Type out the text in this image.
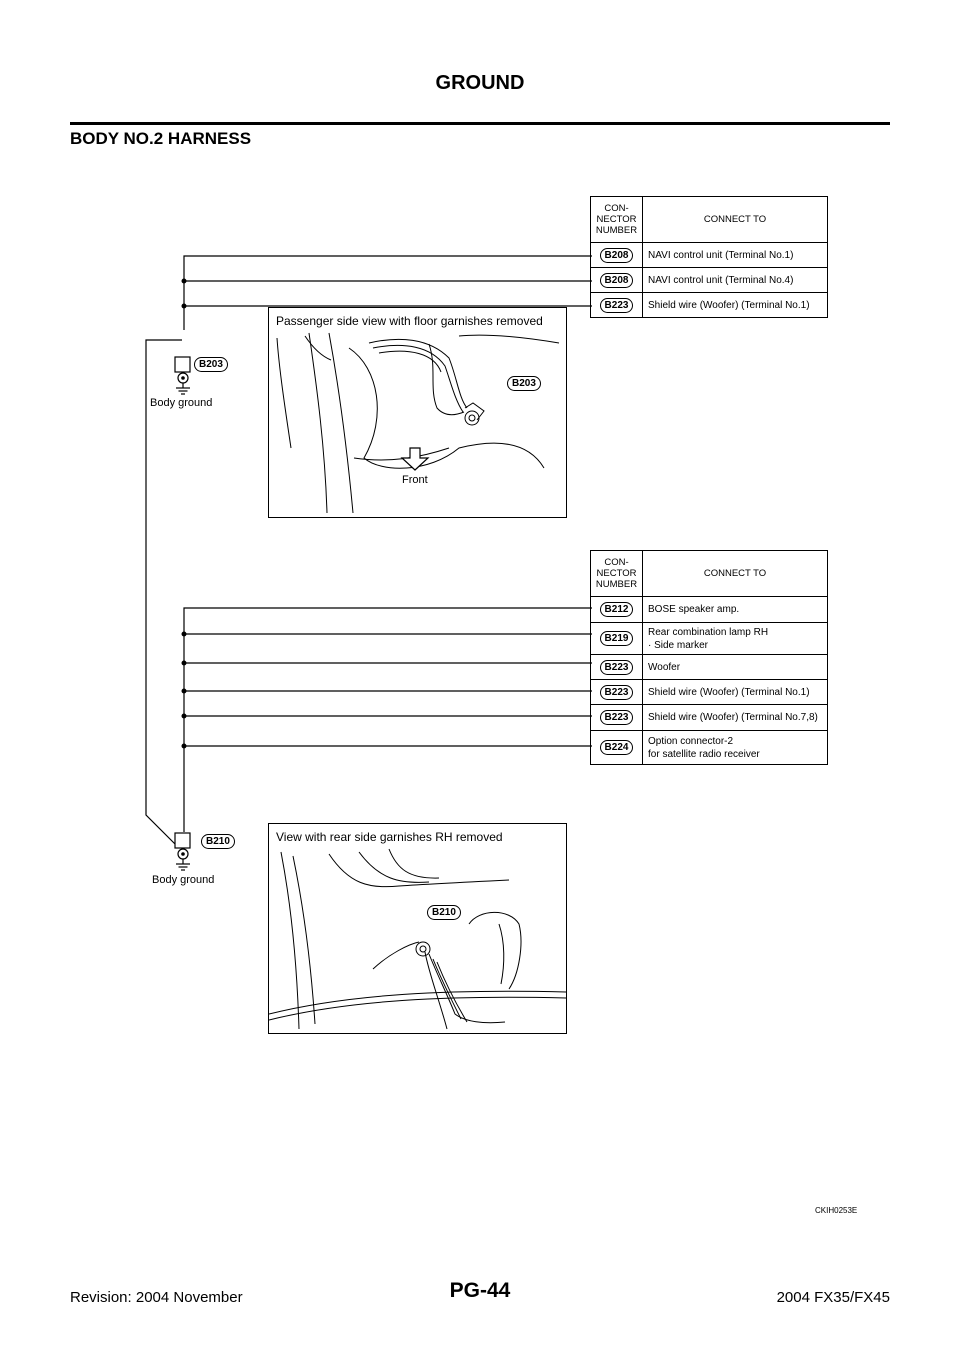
GROUND
BODY NO.2 HARNESS
B203
Body ground
B210
Body ground
CON-
NECTOR
NUMBER	CONNECT TO
B208	NAVI control unit (Terminal No.1)
B208	NAVI control unit (Terminal No.4)
B223	Shield wire (Woofer) (Terminal No.1)
CON-
NECTOR
NUMBER	CONNECT TO
B212	BOSE speaker amp.
B219	Rear combination lamp RH
· Side marker
B223	Woofer
B223	Shield wire (Woofer) (Terminal No.1)
B223	Shield wire (Woofer) (Terminal No.7,8)
B224	Option connector-2
for satellite radio receiver
Passenger side view with floor garnishes removed
B203
Front
View with rear side garnishes RH removed
B210
CKIH0253E
Revision: 2004 November	PG-44	2004 FX35/FX45
